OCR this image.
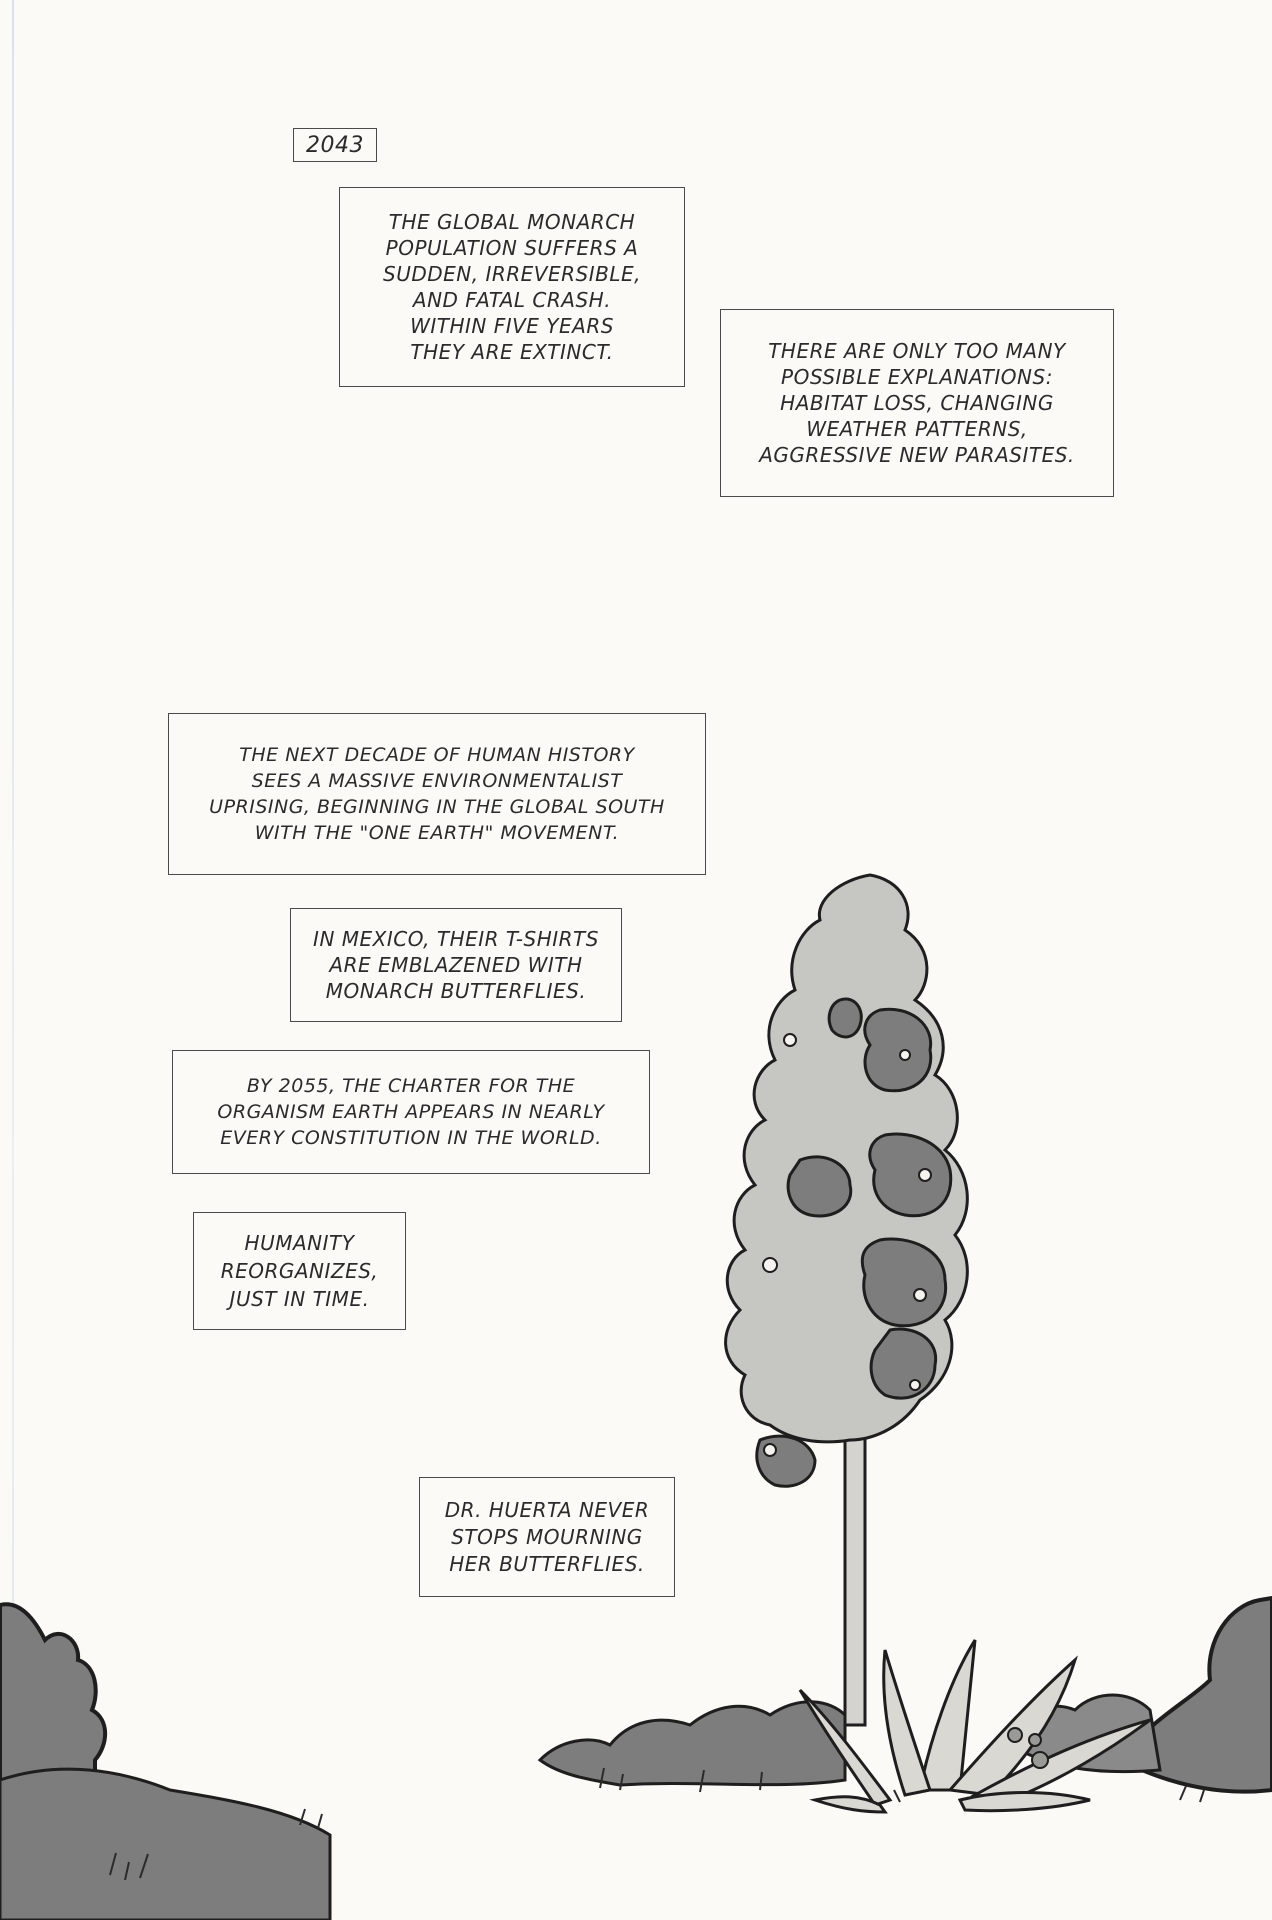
2043
THE GLOBAL MONARCH
POPULATION SUFFERS A
SUDDEN, IRREVERSIBLE,
AND FATAL CRASH.
WITHIN FIVE YEARS
THEY ARE EXTINCT.	THERE ARE ONLY TOO MANY
POSSIBLE EXPLANATIONS:
HABITAT LOSS, CHANGING
WEATHER PATTERNS,
AGGRESSIVE NEW PARASITES.
THE NEXT DECADE OF HUMAN HISTORY
SEES A MASSIVE ENVIRONMENTALIST
UPRISING, BEGINNING IN THE GLOBAL SOUTH
WITH THE "ONE EARTH" MOVEMENT.
IN MEXICO, THEIR T-SHIRTS
ARE EMBLAZENED WITH
MONARCH BUTTERFLIES.
BY 2055, THE CHARTER FOR THE
ORGANISM EARTH APPEARS IN NEARLY
EVERY CONSTITUTION IN THE WORLD.
HUMANITY
REORGANIZES,
JUST IN TIME.
DR. HUERTA NEVER
STOPS MOURNING
HER BUTTERFLIES.
